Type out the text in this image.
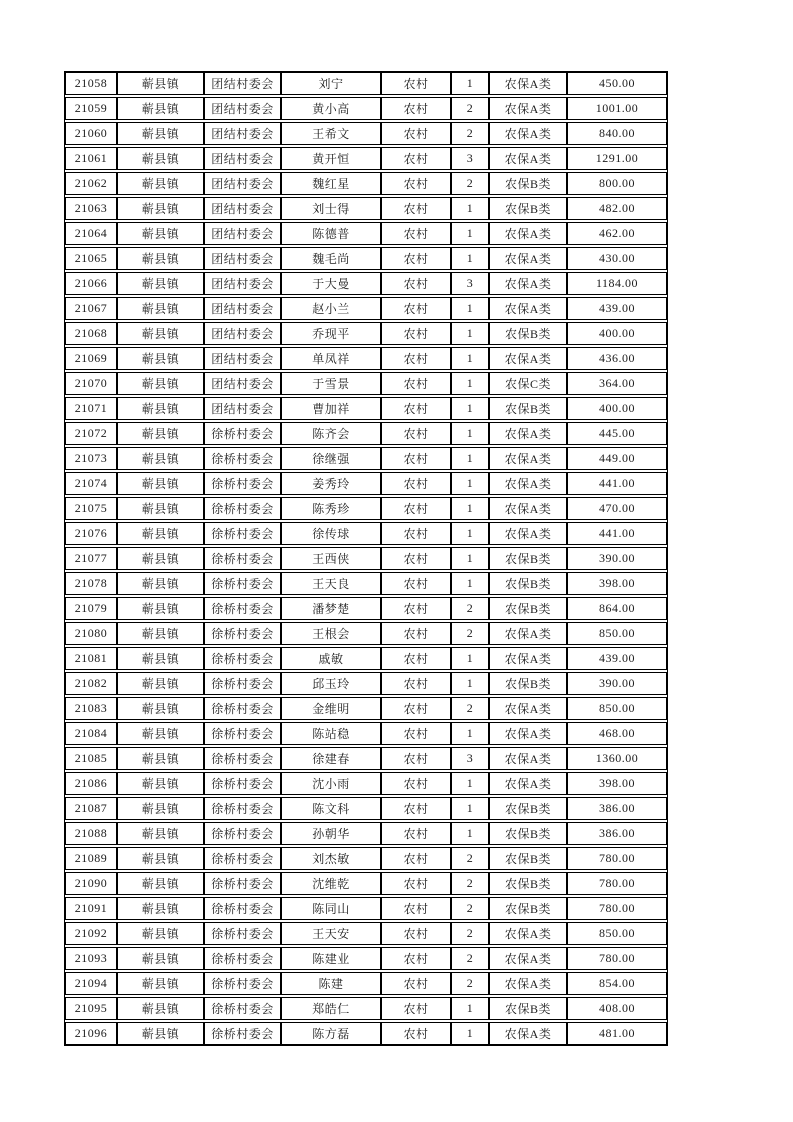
21058	蕲县镇	团结村委会	刘宁	农村	1	农保A类	450.00
21059	蕲县镇	团结村委会	黄小高	农村	2	农保A类	1001.00
21060	蕲县镇	团结村委会	王希文	农村	2	农保A类	840.00
21061	蕲县镇	团结村委会	黄开恒	农村	3	农保A类	1291.00
21062	蕲县镇	团结村委会	魏红星	农村	2	农保B类	800.00
21063	蕲县镇	团结村委会	刘士得	农村	1	农保B类	482.00
21064	蕲县镇	团结村委会	陈德普	农村	1	农保A类	462.00
21065	蕲县镇	团结村委会	魏毛尚	农村	1	农保A类	430.00
21066	蕲县镇	团结村委会	于大曼	农村	3	农保A类	1184.00
21067	蕲县镇	团结村委会	赵小兰	农村	1	农保A类	439.00
21068	蕲县镇	团结村委会	乔现平	农村	1	农保B类	400.00
21069	蕲县镇	团结村委会	单凤祥	农村	1	农保A类	436.00
21070	蕲县镇	团结村委会	于雪景	农村	1	农保C类	364.00
21071	蕲县镇	团结村委会	曹加祥	农村	1	农保B类	400.00
21072	蕲县镇	徐桥村委会	陈齐会	农村	1	农保A类	445.00
21073	蕲县镇	徐桥村委会	徐继强	农村	1	农保A类	449.00
21074	蕲县镇	徐桥村委会	姜秀玲	农村	1	农保A类	441.00
21075	蕲县镇	徐桥村委会	陈秀珍	农村	1	农保A类	470.00
21076	蕲县镇	徐桥村委会	徐传球	农村	1	农保A类	441.00
21077	蕲县镇	徐桥村委会	王西侠	农村	1	农保B类	390.00
21078	蕲县镇	徐桥村委会	王天良	农村	1	农保B类	398.00
21079	蕲县镇	徐桥村委会	潘梦楚	农村	2	农保B类	864.00
21080	蕲县镇	徐桥村委会	王根会	农村	2	农保A类	850.00
21081	蕲县镇	徐桥村委会	戚敏	农村	1	农保A类	439.00
21082	蕲县镇	徐桥村委会	邱玉玲	农村	1	农保B类	390.00
21083	蕲县镇	徐桥村委会	金维明	农村	2	农保A类	850.00
21084	蕲县镇	徐桥村委会	陈站稳	农村	1	农保A类	468.00
21085	蕲县镇	徐桥村委会	徐建春	农村	3	农保A类	1360.00
21086	蕲县镇	徐桥村委会	沈小雨	农村	1	农保A类	398.00
21087	蕲县镇	徐桥村委会	陈文科	农村	1	农保B类	386.00
21088	蕲县镇	徐桥村委会	孙朝华	农村	1	农保B类	386.00
21089	蕲县镇	徐桥村委会	刘杰敏	农村	2	农保B类	780.00
21090	蕲县镇	徐桥村委会	沈维乾	农村	2	农保B类	780.00
21091	蕲县镇	徐桥村委会	陈同山	农村	2	农保B类	780.00
21092	蕲县镇	徐桥村委会	王天安	农村	2	农保A类	850.00
21093	蕲县镇	徐桥村委会	陈建业	农村	2	农保A类	780.00
21094	蕲县镇	徐桥村委会	陈建	农村	2	农保A类	854.00
21095	蕲县镇	徐桥村委会	郑皓仁	农村	1	农保B类	408.00
21096	蕲县镇	徐桥村委会	陈方磊	农村	1	农保A类	481.00
